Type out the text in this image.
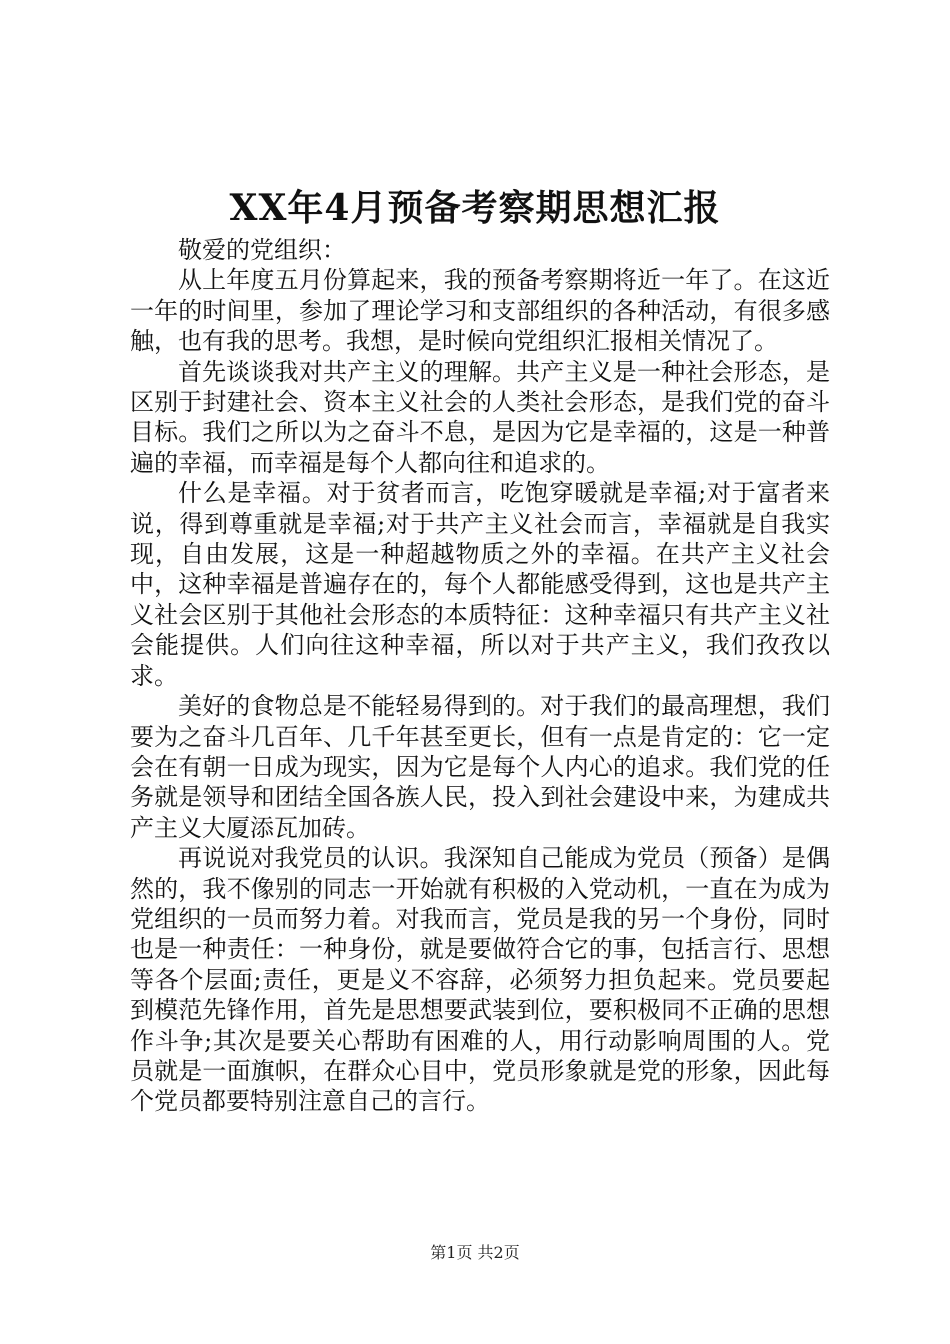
XX年4月预备考察期思想汇报

敬爱的党组织：

从上年度五月份算起来，我的预备考察期将近一年了。在这近一年的时间里，参加了理论学习和支部组织的各种活动，有很多感触，也有我的思考。我想，是时候向党组织汇报相关情况了。

首先谈谈我对共产主义的理解。共产主义是一种社会形态，是区别于封建社会、资本主义社会的人类社会形态，是我们党的奋斗目标。我们之所以为之奋斗不息，是因为它是幸福的，这是一种普遍的幸福，而幸福是每个人都向往和追求的。

什么是幸福。对于贫者而言，吃饱穿暖就是幸福;对于富者来说，得到尊重就是幸福;对于共产主义社会而言，幸福就是自我实现，自由发展，这是一种超越物质之外的幸福。在共产主义社会中，这种幸福是普遍存在的，每个人都能感受得到，这也是共产主义社会区别于其他社会形态的本质特征：这种幸福只有共产主义社会能提供。人们向往这种幸福，所以对于共产主义，我们孜孜以求。

美好的食物总是不能轻易得到的。对于我们的最高理想，我们要为之奋斗几百年、几千年甚至更长，但有一点是肯定的：它一定会在有朝一日成为现实，因为它是每个人内心的追求。我们党的任务就是领导和团结全国各族人民，投入到社会建设中来，为建成共产主义大厦添瓦加砖。

再说说对我党员的认识。我深知自己能成为党员（预备）是偶然的，我不像别的同志一开始就有积极的入党动机，一直在为成为党组织的一员而努力着。对我而言，党员是我的另一个身份，同时也是一种责任：一种身份，就是要做符合它的事，包括言行、思想等各个层面;责任，更是义不容辞，必须努力担负起来。党员要起到模范先锋作用，首先是思想要武装到位，要积极同不正确的思想作斗争;其次是要关心帮助有困难的人，用行动影响周围的人。党员就是一面旗帜，在群众心目中，党员形象就是党的形象，因此每个党员都要特别注意自己的言行。

第1页 共2页
